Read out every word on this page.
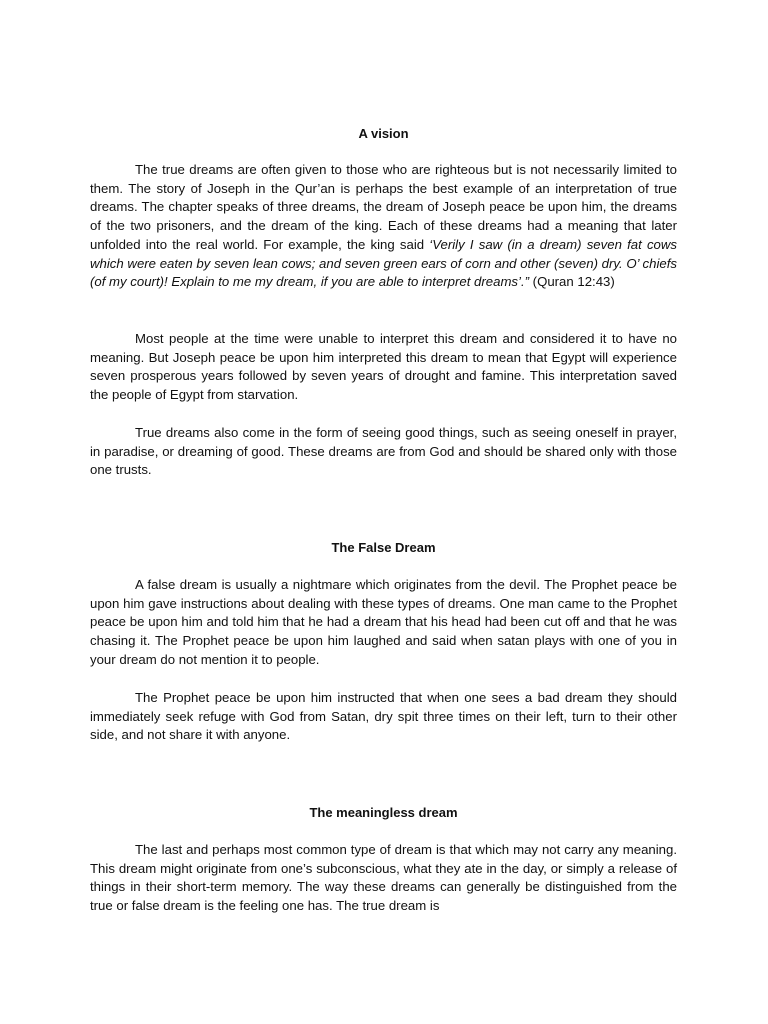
A vision

The true dreams are often given to those who are righteous but is not necessarily limited to them. The story of Joseph in the Qur’an is perhaps the best example of an interpretation of true dreams. The chapter speaks of three dreams, the dream of Joseph peace be upon him, the dreams of the two prisoners, and the dream of the king. Each of these dreams had a meaning that later unfolded into the real world. For example, the king said ‘Verily I saw (in a dream) seven fat cows which were eaten by seven lean cows; and seven green ears of corn and other (seven) dry. O’ chiefs (of my court)! Explain to me my dream, if you are able to interpret dreams’.” (Quran 12:43)

Most people at the time were unable to interpret this dream and considered it to have no meaning. But Joseph peace be upon him interpreted this dream to mean that Egypt will experience seven prosperous years followed by seven years of drought and famine. This interpretation saved the people of Egypt from starvation.

True dreams also come in the form of seeing good things, such as seeing oneself in prayer, in paradise, or dreaming of good. These dreams are from God and should be shared only with those one trusts.

The False Dream

A false dream is usually a nightmare which originates from the devil. The Prophet peace be upon him gave instructions about dealing with these types of dreams. One man came to the Prophet peace be upon him and told him that he had a dream that his head had been cut off and that he was chasing it. The Prophet peace be upon him laughed and said when satan plays with one of you in your dream do not mention it to people.

The Prophet peace be upon him instructed that when one sees a bad dream they should immediately seek refuge with God from Satan, dry spit three times on their left, turn to their other side, and not share it with anyone.

The meaningless dream

The last and perhaps most common type of dream is that which may not carry any meaning. This dream might originate from one’s subconscious, what they ate in the day, or simply a release of things in their short-term memory. The way these dreams can generally be distinguished from the true or false dream is the feeling one has. The true dream is
